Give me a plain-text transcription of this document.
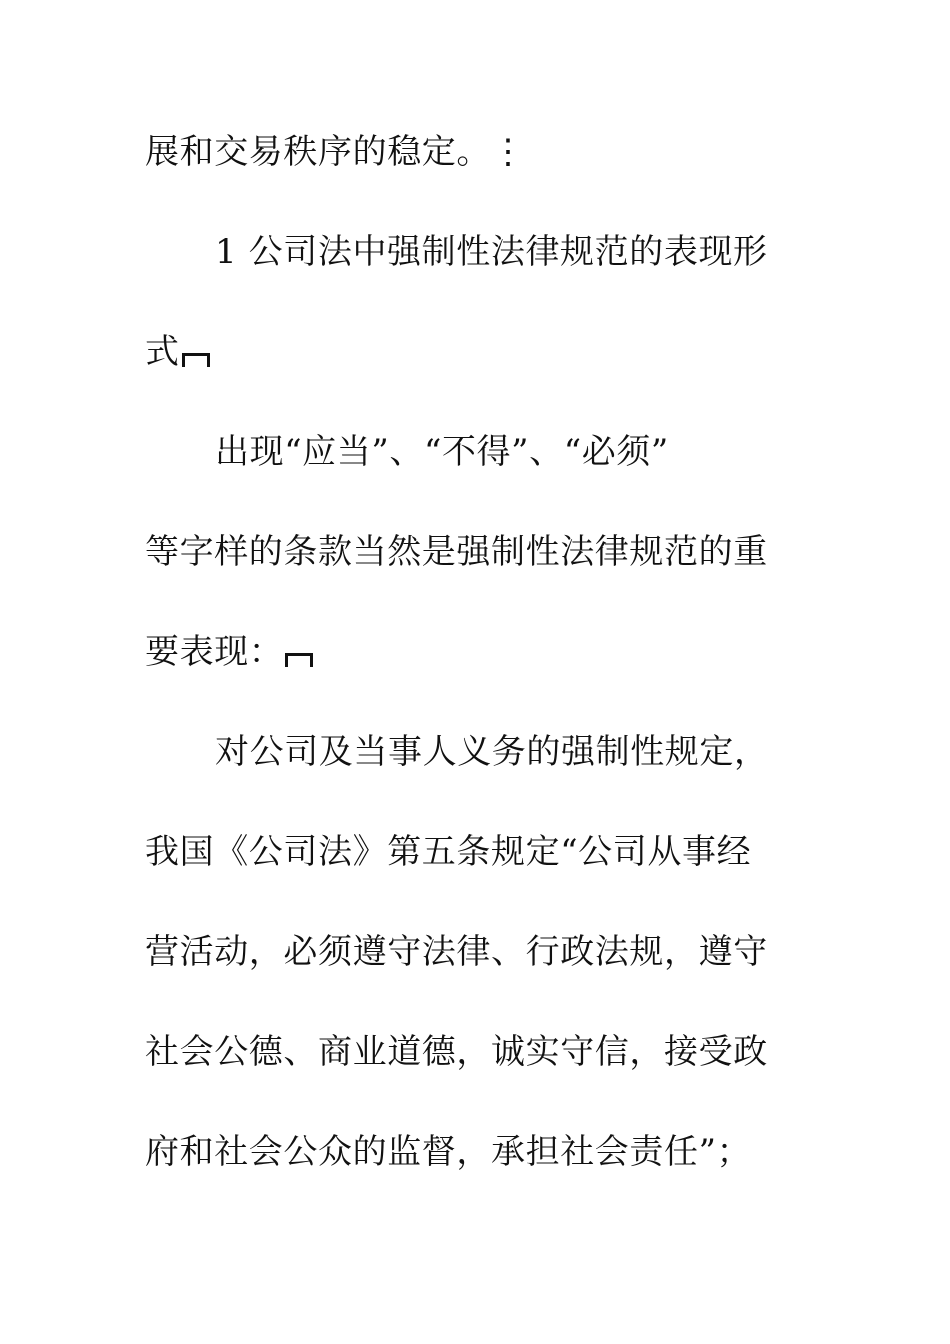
展和交易秩序的稳定。⋮
1 公司法中强制性法律规范的表现形
式
出现“应当”、“不得”、“必须”
等字样的条款当然是强制性法律规范的重
要表现：
对公司及当事人义务的强制性规定，
我国《公司法》第五条规定“公司从事经
营活动，必须遵守法律、行政法规，遵守
社会公德、商业道德，诚实守信，接受政
府和社会公众的监督，承担社会责任”；
